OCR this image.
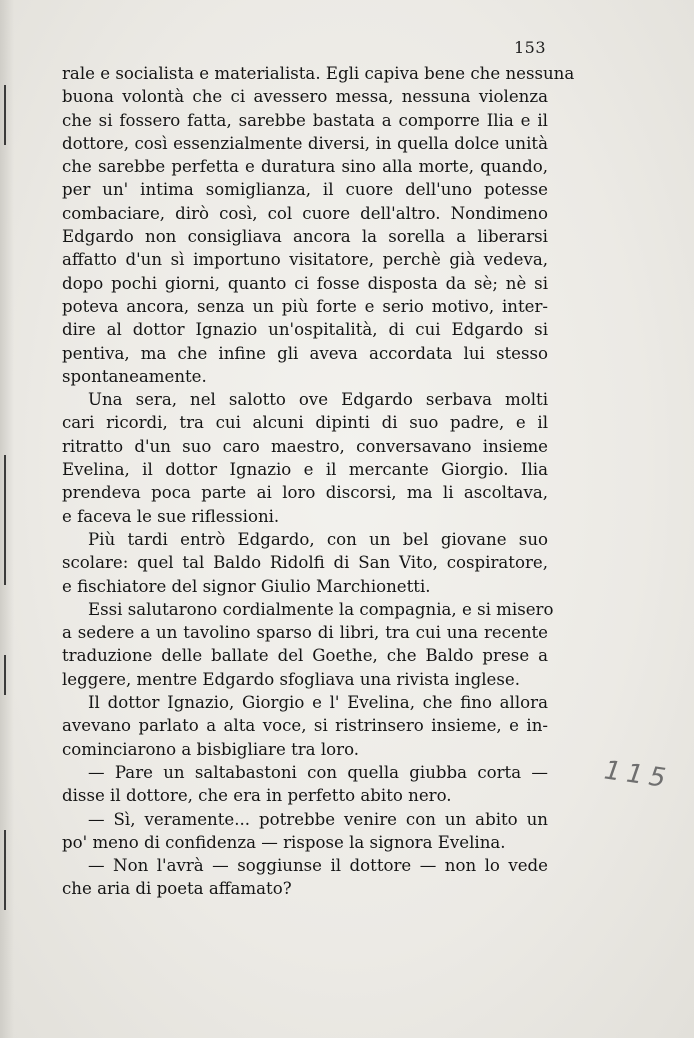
153
rale e socialista e materialista. Egli capiva bene che nessuna
buona volontà che ci avessero messa, nessuna violenza
che si fossero fatta, sarebbe bastata a comporre Ilia e il
dottore, così essenzialmente diversi, in quella dolce unità
che sarebbe perfetta e duratura sino alla morte, quando,
per un' intima somiglianza, il cuore dell'uno potesse
combaciare, dirò così, col cuore dell'altro. Nondimeno
Edgardo non consigliava ancora la sorella a liberarsi
affatto d'un sì importuno visitatore, perchè già vedeva,
dopo pochi giorni, quanto ci fosse disposta da sè; nè si
poteva ancora, senza un più forte e serio motivo, inter-
dire al dottor Ignazio un'ospitalità, di cui Edgardo si
pentiva, ma che infine gli aveva accordata lui stesso
spontaneamente.
Una sera, nel salotto ove Edgardo serbava molti
cari ricordi, tra cui alcuni dipinti di suo padre, e il
ritratto d'un suo caro maestro, conversavano insieme
Evelina, il dottor Ignazio e il mercante Giorgio. Ilia
prendeva poca parte ai loro discorsi, ma li ascoltava,
e faceva le sue riflessioni.
Più tardi entrò Edgardo, con un bel giovane suo
scolare: quel tal Baldo Ridolfi di San Vito, cospiratore,
e fischiatore del signor Giulio Marchionetti.
Essi salutarono cordialmente la compagnia, e si misero
a sedere a un tavolino sparso di libri, tra cui una recente
traduzione delle ballate del Goethe, che Baldo prese a
leggere, mentre Edgardo sfogliava una rivista inglese.
Il dottor Ignazio, Giorgio e l' Evelina, che fino allora
avevano parlato a alta voce, si ristrinsero insieme, e in-
cominciarono a bisbigliare tra loro.
— Pare un saltabastoni con quella giubba corta —
disse il dottore, che era in perfetto abito nero.
— Sì, veramente... potrebbe venire con un abito un
po' meno di confidenza — rispose la signora Evelina.
— Non l'avrà — soggiunse il dottore — non lo vede
che aria di poeta affamato?
115
